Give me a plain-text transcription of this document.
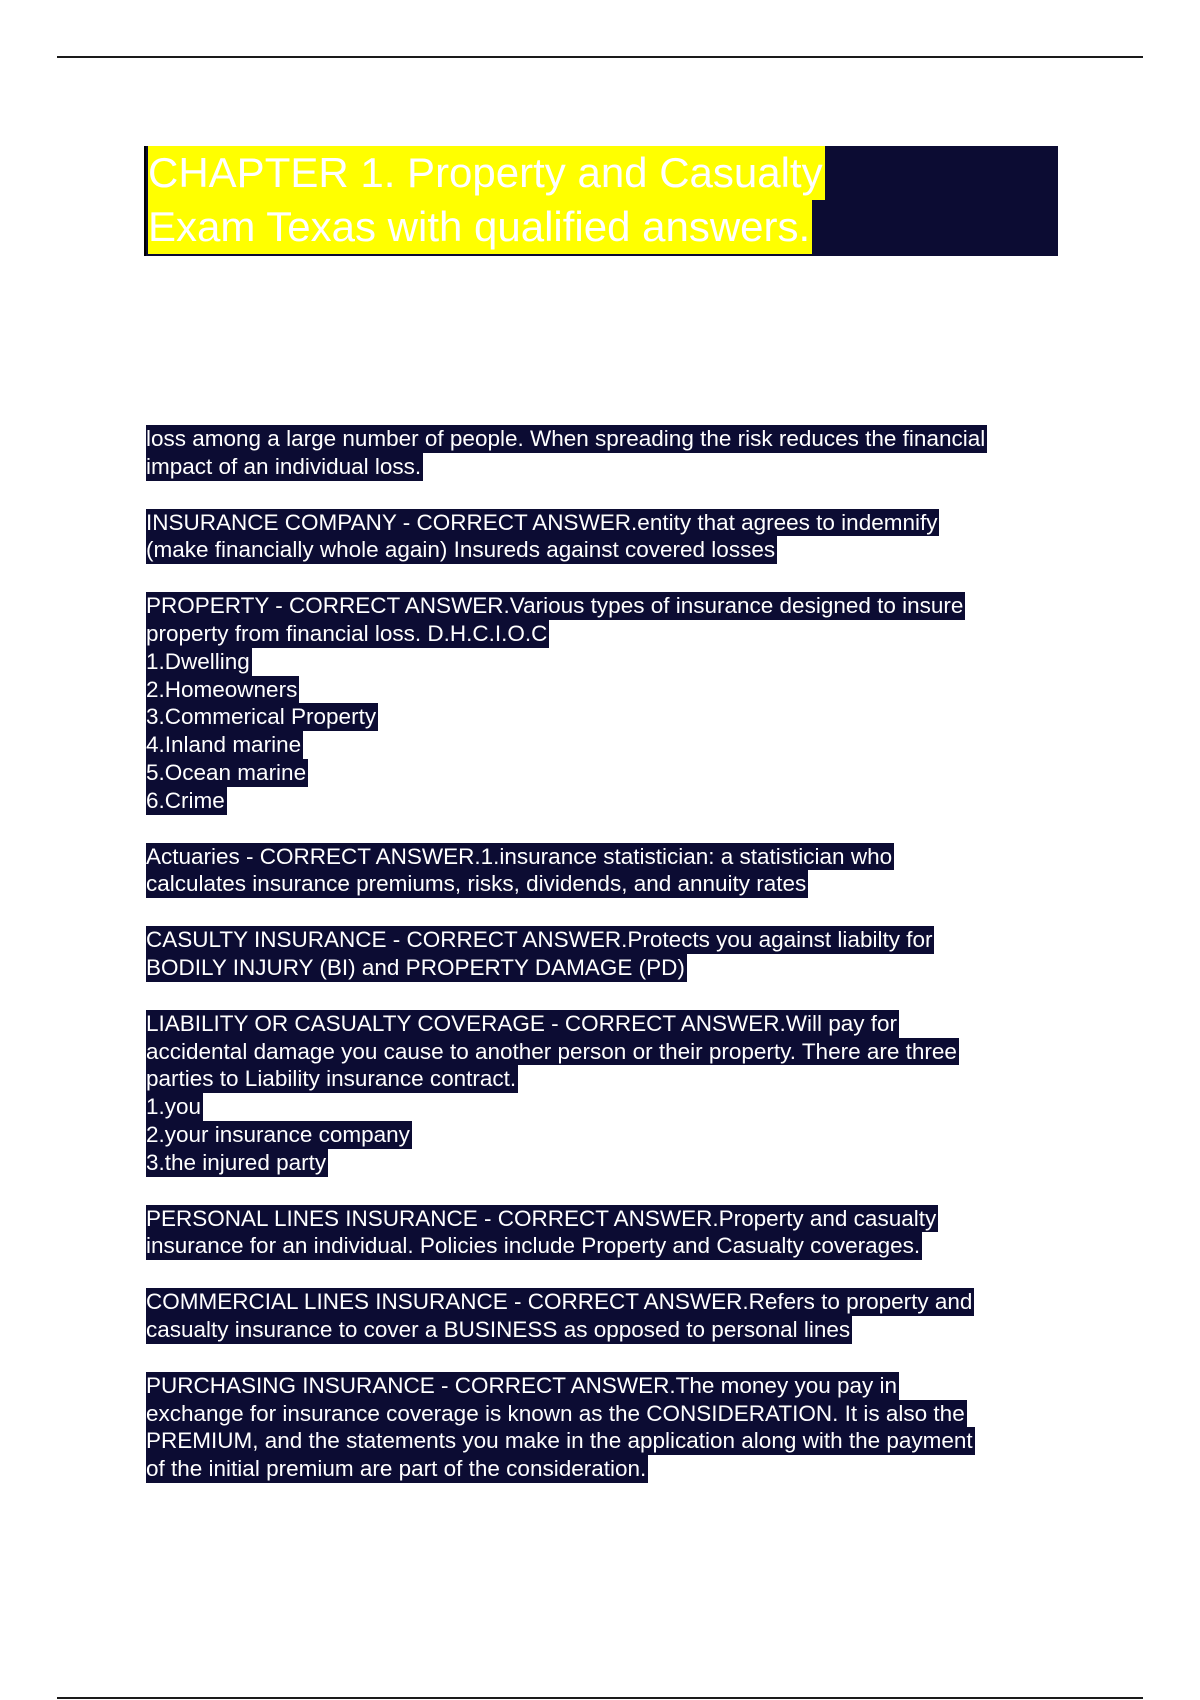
CHAPTER 1. Property and Casualty
Exam Texas with qualified answers.
loss among a large number of people. When spreading the risk reduces the financial
impact of an individual loss.
INSURANCE COMPANY - CORRECT ANSWER.entity that agrees to indemnify
(make financially whole again) Insureds against covered losses
PROPERTY - CORRECT ANSWER.Various types of insurance designed to insure
property from financial loss. D.H.C.I.O.C
1.Dwelling
2.Homeowners
3.Commerical Property
4.Inland marine
5.Ocean marine
6.Crime
Actuaries - CORRECT ANSWER.1.insurance statistician: a statistician who
calculates insurance premiums, risks, dividends, and annuity rates
CASULTY INSURANCE - CORRECT ANSWER.Protects you against liabilty for
BODILY INJURY (BI) and PROPERTY DAMAGE (PD)
LIABILITY OR CASUALTY COVERAGE - CORRECT ANSWER.Will pay for
accidental damage you cause to another person or their property. There are three
parties to Liability insurance contract.
1.you
2.your insurance company
3.the injured party
PERSONAL LINES INSURANCE - CORRECT ANSWER.Property and casualty
insurance for an individual. Policies include Property and Casualty coverages.
COMMERCIAL LINES INSURANCE - CORRECT ANSWER.Refers to property and
casualty insurance to cover a BUSINESS as opposed to personal lines
PURCHASING INSURANCE - CORRECT ANSWER.The money you pay in
exchange for insurance coverage is known as the CONSIDERATION. It is also the
PREMIUM, and the statements you make in the application along with the payment
of the initial premium are part of the consideration.
